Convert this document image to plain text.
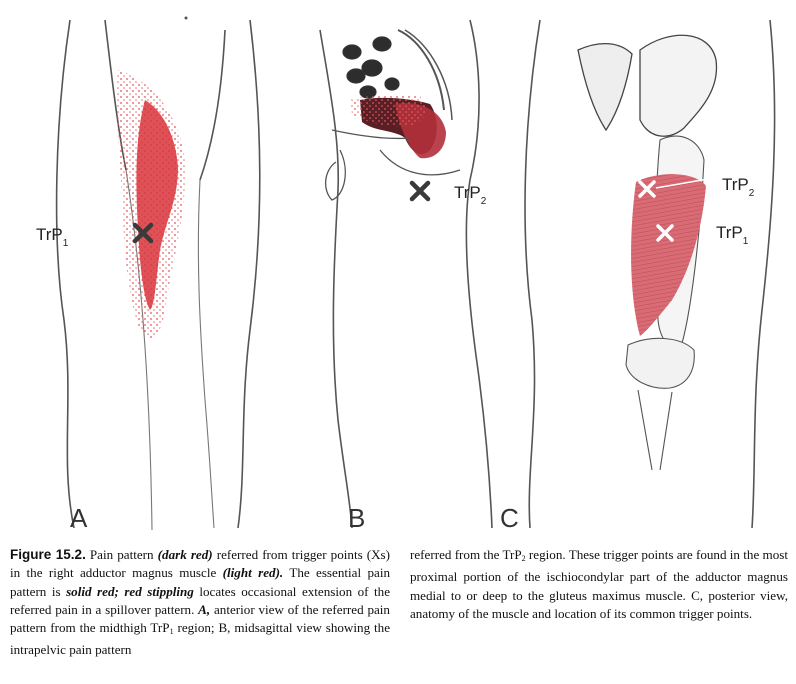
TrP$_1$
A
TrP$_2$
B
TrP$_2$
TrP$_1$
C
Figure 15.2. Pain pattern (dark red) referred from trigger points (Xs) in the right adductor magnus muscle (light red). The essential pain pattern is solid red; red stippling locates occasional extension of the referred pain in a spillover pattern. A, anterior view of the referred pain pattern from the midthigh TrP$_1$ region; B, midsagittal view showing the intrapelvic pain pattern
referred from the TrP$_2$ region. These trigger points are found in the most proximal portion of the ischiocondylar part of the adductor magnus medial to or deep to the gluteus maximus muscle. C, posterior view, anatomy of the muscle and location of its common trigger points.
